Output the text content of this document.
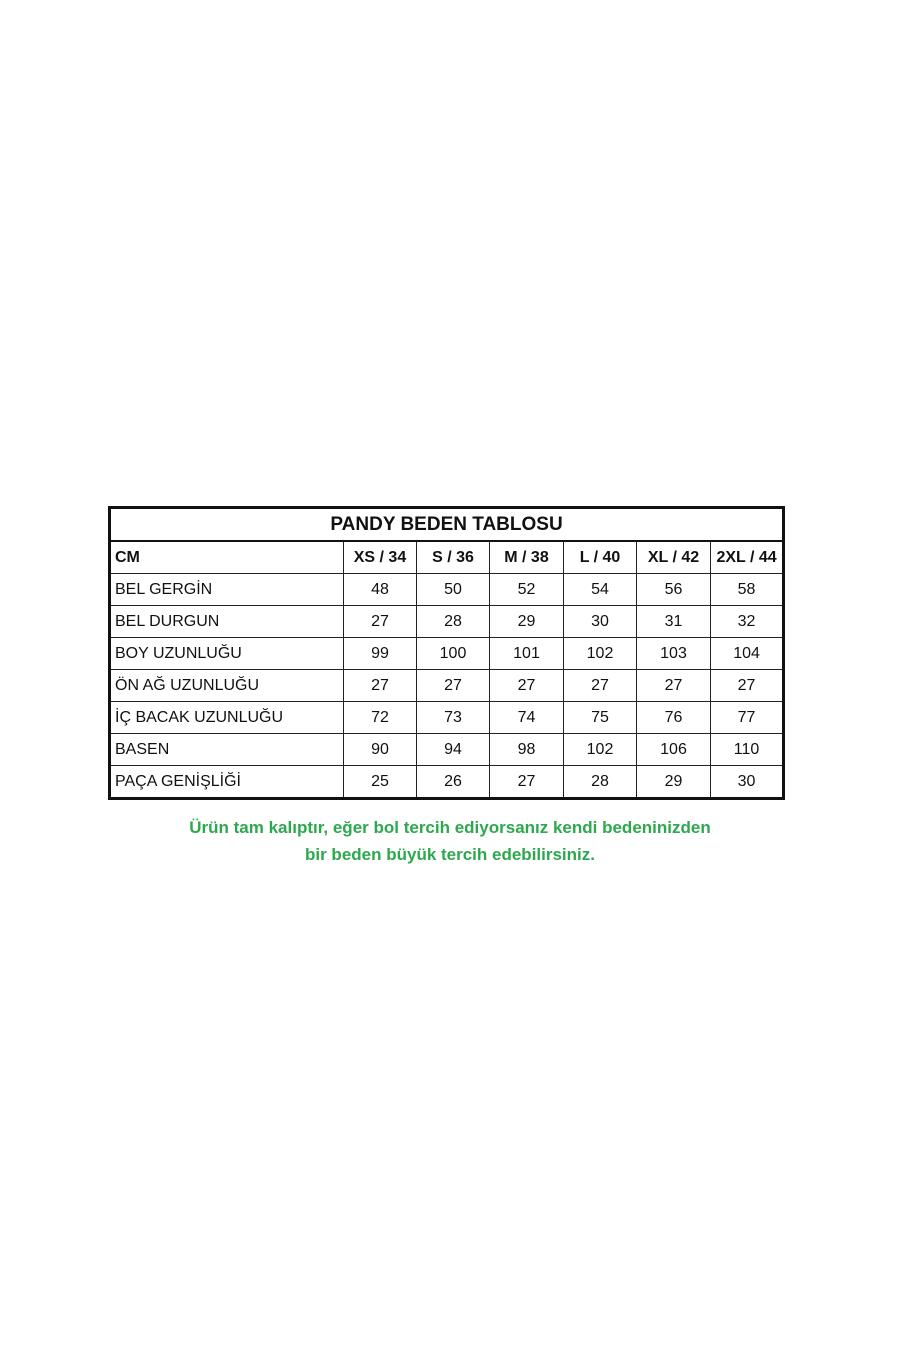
PANDY BEDEN TABLOSU						
CM	XS / 34	S / 36	M / 38	L / 40	XL / 42	2XL / 44
BEL GERGİN	48	50	52	54	56	58
BEL DURGUN	27	28	29	30	31	32
BOY UZUNLUĞU	99	100	101	102	103	104
ÖN AĞ UZUNLUĞU	27	27	27	27	27	27
İÇ BACAK UZUNLUĞU	72	73	74	75	76	77
BASEN	90	94	98	102	106	110
PAÇA GENİŞLİĞİ	25	26	27	28	29	30
Ürün tam kalıptır, eğer bol tercih ediyorsanız kendi bedeninizden
bir beden büyük tercih edebilirsiniz.
